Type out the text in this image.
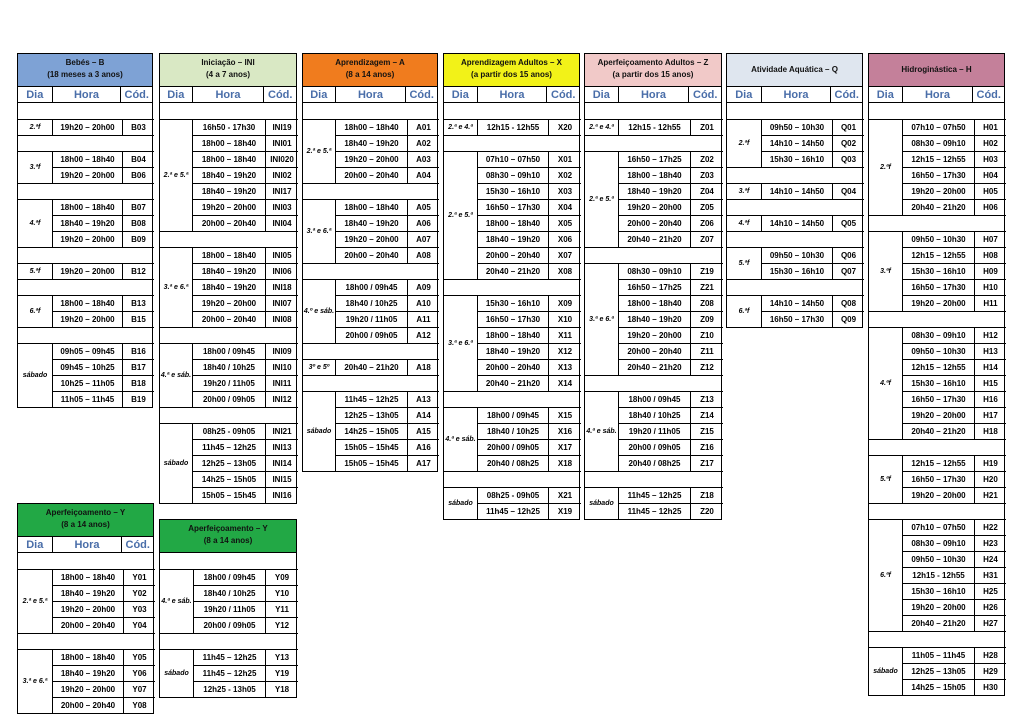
Bebés – B
(18 meses a 3 anos)
Dia	Hora	Cód.
2.ªf	19h20 – 20h00	B03
3.ªf
18h00 – 18h40	B04
19h20 – 20h00	B06
4.ªf
18h00 – 18h40	B07
18h40 – 19h20	B08
19h20 – 20h00	B09
5.ªf	19h20 – 20h00	B12
6.ªf
18h00 – 18h40	B13
19h20 – 20h00	B15
sábado
09h05 – 09h45	B16
09h45 – 10h25	B17
10h25 – 11h05	B18
11h05 – 11h45	B19
Iniciação – INI
(4 a 7 anos)
Dia	Hora	Cód.
2.ª e 5.ª
16h50 - 17h30	INI19
18h00 – 18h40	INI01
18h00 – 18h40	INI020
18h40 – 19h20	INI02
18h40 – 19h20	INI17
19h20 – 20h00	INI03
20h00 – 20h40	INI04
3.ª e 6.ª
18h00 – 18h40	INI05
18h40 – 19h20	INI06
18h40 – 19h20	INI18
19h20 – 20h00	INI07
20h00 – 20h40	INI08
4.ª e sáb.
18h00 / 09h45	INI09
18h40 / 10h25	INI10
19h20 / 11h05	INI11
20h00 / 09h05	INI12
sábado
08h25 - 09h05	INI21
11h45 – 12h25	INI13
12h25 – 13h05	INI14
14h25 – 15h05	INI15
15h05 – 15h45	INI16
Aprendizagem – A
(8 a 14 anos)
Dia	Hora	Cód.
2.ª e 5.ª
18h00 – 18h40	A01
18h40 – 19h20	A02
19h20 – 20h00	A03
20h00 – 20h40	A04
3.ª e 6.ª
18h00 – 18h40	A05
18h40 – 19h20	A06
19h20 – 20h00	A07
20h00 – 20h40	A08
4.º e sáb.
18h00 / 09h45	A09
18h40 / 10h25	A10
19h20 / 11h05	A11
20h00 / 09h05	A12
3º e 5º	20h40 – 21h20	A18
sábado
11h45 – 12h25	A13
12h25 – 13h05	A14
14h25 – 15h05	A15
15h05 – 15h45	A16
15h05 – 15h45	A17
Aprendizagem Adultos – X
(a partir dos 15 anos)
Dia	Hora	Cód.
2.ª e 4.ª	12h15 - 12h55	X20
2.ª e 5.ª
07h10 – 07h50	X01
08h30 – 09h10	X02
15h30 – 16h10	X03
16h50 – 17h30	X04
18h00 – 18h40	X05
18h40 – 19h20	X06
20h00 – 20h40	X07
20h40 – 21h20	X08
3.ª e 6.ª
15h30 – 16h10	X09
16h50 – 17h30	X10
18h00 – 18h40	X11
18h40 – 19h20	X12
20h00 – 20h40	X13
20h40 – 21h20	X14
4.ª e sáb.
18h00 / 09h45	X15
18h40 / 10h25	X16
20h00 / 09h05	X17
20h40 / 08h25	X18
sábado
08h25 - 09h05	X21
11h45 – 12h25	X19
Aperfeiçoamento Adultos – Z
(a partir dos 15 anos)
Dia	Hora	Cód.
2.ª e 4.ª	12h15 - 12h55	Z01
2.ª e 5.ª
16h50 – 17h25	Z02
18h00 – 18h40	Z03
18h40 – 19h20	Z04
19h20 – 20h00	Z05
20h00 – 20h40	Z06
20h40 – 21h20	Z07
3.ª e 6.ª
08h30 – 09h10	Z19
16h50 – 17h25	Z21
18h00 – 18h40	Z08
18h40 – 19h20	Z09
19h20 – 20h00	Z10
20h00 – 20h40	Z11
20h40 – 21h20	Z12
4.ª e sáb.
18h00 / 09h45	Z13
18h40 / 10h25	Z14
19h20 / 11h05	Z15
20h00 / 09h05	Z16
20h40 / 08h25	Z17
sábado
11h45 – 12h25	Z18
11h45 – 12h25	Z20
Atividade Aquática – Q
Dia	Hora	Cód.
2.ªf
09h50 – 10h30	Q01
14h10 – 14h50	Q02
15h30 – 16h10	Q03
3.ªf	14h10 – 14h50	Q04
4.ªf	14h10 – 14h50	Q05
5.ªf
09h50 – 10h30	Q06
15h30 – 16h10	Q07
6.ªf
14h10 – 14h50	Q08
16h50 – 17h30	Q09
Hidroginástica – H
Dia	Hora	Cód.
2.ªf
07h10 – 07h50	H01
08h30 – 09h10	H02
12h15 – 12h55	H03
16h50 – 17h30	H04
19h20 – 20h00	H05
20h40 – 21h20	H06
3.ªf
09h50 – 10h30	H07
12h15 – 12h55	H08
15h30 – 16h10	H09
16h50 – 17h30	H10
19h20 – 20h00	H11
4.ªf
08h30 – 09h10	H12
09h50 – 10h30	H13
12h15 – 12h55	H14
15h30 – 16h10	H15
16h50 – 17h30	H16
19h20 – 20h00	H17
20h40 – 21h20	H18
5.ªf
12h15 – 12h55	H19
16h50 – 17h30	H20
19h20 – 20h00	H21
6.ªf
07h10 – 07h50	H22
08h30 – 09h10	H23
09h50 – 10h30	H24
12h15 - 12h55	H31
15h30 – 16h10	H25
19h20 – 20h00	H26
20h40 – 21h20	H27
sábado
11h05 – 11h45	H28
12h25 – 13h05	H29
14h25 – 15h05	H30
Aperfeiçoamento – Y
(8 a 14 anos)
Dia	Hora	Cód.
2.ª e 5.ª
18h00 – 18h40	Y01
18h40 – 19h20	Y02
19h20 – 20h00	Y03
20h00 – 20h40	Y04
3.ª e 6.ª
18h00 – 18h40	Y05
18h40 – 19h20	Y06
19h20 – 20h00	Y07
20h00 – 20h40	Y08
Aperfeiçoamento – Y
(8 a 14 anos)
4.ª e sáb.
18h00 / 09h45	Y09
18h40 / 10h25	Y10
19h20 / 11h05	Y11
20h00 / 09h05	Y12
sábado
11h45 – 12h25	Y13
11h45 – 12h25	Y19
12h25 - 13h05	Y18
